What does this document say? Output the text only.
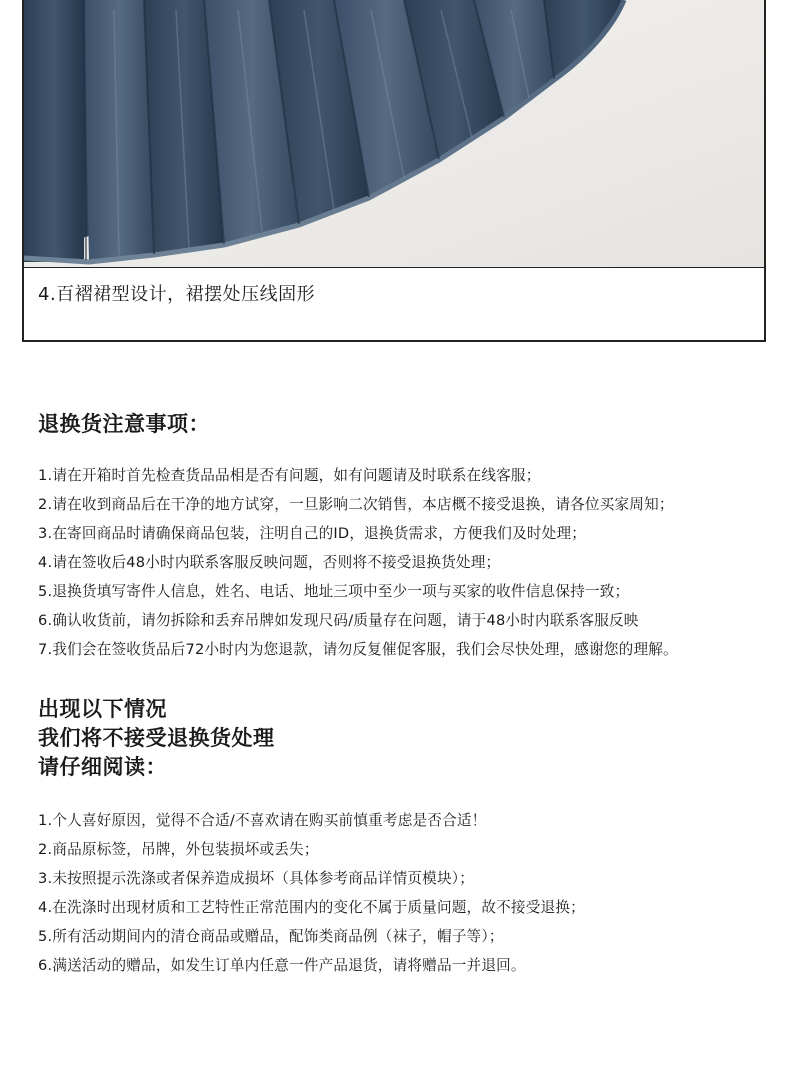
4.百褶裙型设计，裙摆处压线固形
退换货注意事项：
1.请在开箱时首先检查货品品相是否有问题，如有问题请及时联系在线客服；
2.请在收到商品后在干净的地方试穿，一旦影响二次销售，本店概不接受退换，请各位买家周知；
3.在寄回商品时请确保商品包装，注明自己的ID，退换货需求，方便我们及时处理；
4.请在签收后48小时内联系客服反映问题，否则将不接受退换货处理；
5.退换货填写寄件人信息，姓名、电话、地址三项中至少一项与买家的收件信息保持一致；
6.确认收货前，请勿拆除和丢弃吊牌如发现尺码/质量存在问题，请于48小时内联系客服反映
7.我们会在签收货品后72小时内为您退款，请勿反复催促客服，我们会尽快处理，感谢您的理解。
出现以下情况
我们将不接受退换货处理
请仔细阅读：
1.个人喜好原因，觉得不合适/不喜欢请在购买前慎重考虑是否合适！
2.商品原标签，吊牌，外包装损坏或丢失；
3.未按照提示洗涤或者保养造成损坏（具体参考商品详情页模块）；
4.在洗涤时出现材质和工艺特性正常范围内的变化不属于质量问题，故不接受退换；
5.所有活动期间内的清仓商品或赠品，配饰类商品例（袜子，帽子等）；
6.满送活动的赠品，如发生订单内任意一件产品退货，请将赠品一并退回。
